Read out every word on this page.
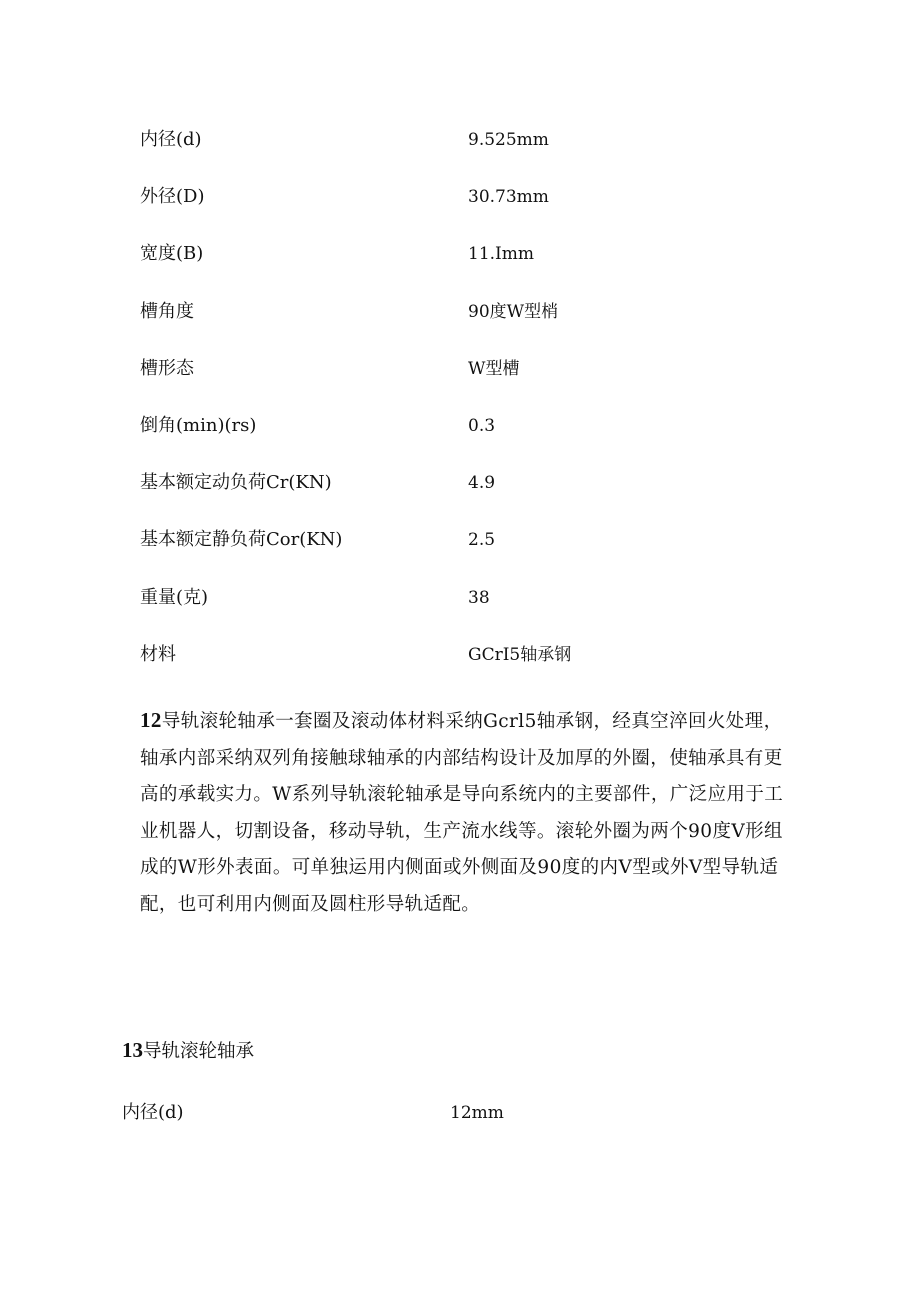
内径(d)	9.525mm
外径(D)	30.73mm
宽度(B)	11.Imm
槽角度	90度W型梢
槽形态	W型槽
倒角(min)(rs)	0.3
基本额定动负荷Cr(KN)	4.9
基本额定静负荷Cor(KN)	2.5
重量(克)	38
材料	GCrI5轴承钢

12导轨滚轮轴承一套圈及滚动体材料采纳Gcrl5轴承钢，经真空淬回火处理，轴承内部采纳双列角接触球轴承的内部结构设计及加厚的外圈，使轴承具有更高的承载实力。W系列导轨滚轮轴承是导向系统内的主要部件，广泛应用于工业机器人，切割设备，移动导轨，生产流水线等。滚轮外圈为两个90度V形组成的W形外表面。可单独运用内侧面或外侧面及90度的内V型或外V型导轨适配，也可利用内侧面及圆柱形导轨适配。

13导轨滚轮轴承
内径(d)	12mm
